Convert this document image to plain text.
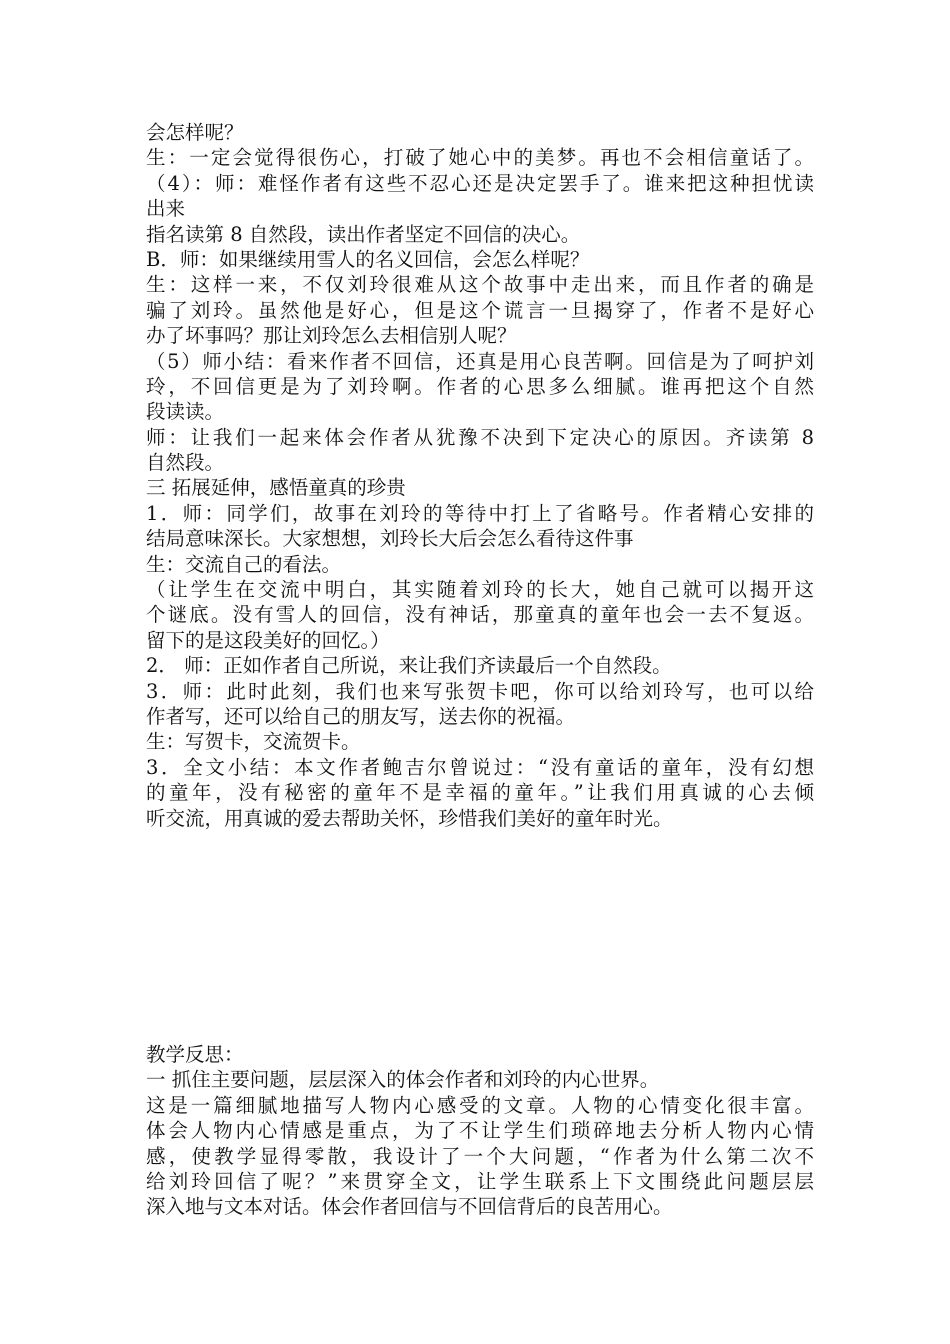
会怎样呢？
生：一定会觉得很伤心，打破了她心中的美梦。再也不会相信童话了。
（4）：师：难怪作者有这些不忍心还是决定罢手了。谁来把这种担忧读
出来
指名读第 8 自然段，读出作者坚定不回信的决心。
B．师：如果继续用雪人的名义回信，会怎么样呢？
生：这样一来，不仅刘玲很难从这个故事中走出来，而且作者的确是
骗了刘玲。虽然他是好心，但是这个谎言一旦揭穿了，作者不是好心
办了坏事吗？那让刘玲怎么去相信别人呢？
（5）师小结：看来作者不回信，还真是用心良苦啊。回信是为了呵护刘
玲，不回信更是为了刘玲啊。作者的心思多么细腻。谁再把这个自然
段读读。
师：让我们一起来体会作者从犹豫不决到下定决心的原因。齐读第 8
自然段。
三 拓展延伸，感悟童真的珍贵
1．师：同学们，故事在刘玲的等待中打上了省略号。作者精心安排的
结局意味深长。大家想想，刘玲长大后会怎么看待这件事
生：交流自己的看法。
（让学生在交流中明白，其实随着刘玲的长大，她自己就可以揭开这
个谜底。没有雪人的回信，没有神话，那童真的童年也会一去不复返。
留下的是这段美好的回忆。）
2． 师：正如作者自己所说，来让我们齐读最后一个自然段。
3．师：此时此刻，我们也来写张贺卡吧，你可以给刘玲写，也可以给
作者写，还可以给自己的朋友写，送去你的祝福。
生：写贺卡，交流贺卡。
3．全文小结：本文作者鲍吉尔曾说过：“没有童话的童年，没有幻想
的童年，没有秘密的童年不是幸福的童年。”让我们用真诚的心去倾
听交流，用真诚的爱去帮助关怀，珍惜我们美好的童年时光。
教学反思：
一 抓住主要问题，层层深入的体会作者和刘玲的内心世界。
这是一篇细腻地描写人物内心感受的文章。人物的心情变化很丰富。
体会人物内心情感是重点，为了不让学生们琐碎地去分析人物内心情
感，使教学显得零散，我设计了一个大问题，“作者为什么第二次不
给刘玲回信了呢？”来贯穿全文，让学生联系上下文围绕此问题层层
深入地与文本对话。体会作者回信与不回信背后的良苦用心。
